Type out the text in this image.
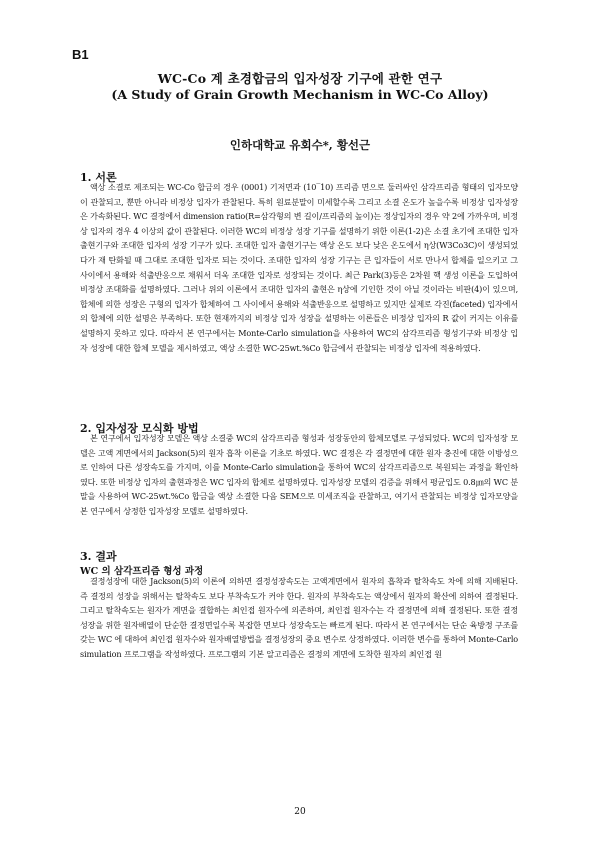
B1
WC-Co 계 초경합금의 입자성장 기구에 관한 연구
(A Study of Grain Growth Mechanism in WC-Co Alloy)
인하대학교 유회수*, 황선근
1. 서론

액상 소결로 제조되는 WC-Co 합금의 경우 (0001) 기저면과 (10‾10) 프리즘 면으로 둘러싸인 삼각프리즘 형태의 입자모양이 관찰되고, 뿐만 아니라 비정상 입자가 관찰된다. 특히 원료분말이 미세할수록 그리고 소결 온도가 높을수록 비정상 입자성장은 가속화된다. WC 결정에서 dimension ratio(R=삼각형의 변 길이/프리즘의 높이)는 정상입자의 경우 약 2에 가까우며, 비정상 입자의 경우 4 이상의 값이 관찰된다. 이러한 WC의 비정상 성장 기구를 설명하기 위한 이론(1-2)은 소결 초기에 조대한 입자 출현기구와 조대한 입자의 성장 기구가 있다. 조대한 입자 출현기구는 액상 온도 보다 낮은 온도에서 η상(W3Co3C)이 생성되었다가 재 탄화될 때 그대로 조대한 입자로 되는 것이다. 조대한 입자의 성장 기구는 큰 입자들이 서로 만나서 합체를 일으키고 그 사이에서 용해와 석출반응으로 채워서 더욱 조대한 입자로 성장되는 것이다. 최근 Park(3)등은 2차원 핵 생성 이론을 도입하여 비정상 조대화를 설명하였다. 그러나 위의 이론에서 조대한 입자의 출현은 η상에 기인한 것이 아닐 것이라는 비판(4)이 있으며, 합체에 의한 성장은 구형의 입자가 합체하여 그 사이에서 용해와 석출반응으로 설명하고 있지만 실제로 각진(faceted) 입자에서의 합체에 의한 설명은 부족하다. 또한 현재까지의 비정상 입자 성장을 설명하는 이론들은 비정상 입자의 R 값이 커지는 이유를 설명하지 못하고 있다. 따라서 본 연구에서는 Monte-Carlo simulation을 사용하여 WC의 삼각프리즘 형성기구와 비정상 입자 성장에 대한 합체 모델을 제시하였고, 액상 소결한 WC-25wt.%Co 합금에서 관찰되는 비정상 입자에 적용하였다.

2. 입자성장 모식화 방법

본 연구에서 입자성장 모델은 액상 소결중 WC의 삼각프리즘 형성과 성장동안의 합체모델로 구성되었다. WC의 입자성장 모델은 고액 계면에서의 Jackson(5)의 원자 흡착 이론을 기초로 하였다. WC 결정은 각 결정면에 대한 원자 충진에 대한 이방성으로 인하여 다른 성장속도를 가지며, 이를 Monte-Carlo simulation을 통하여 WC의 삼각프리즘으로 복원되는 과정을 확인하였다. 또한 비정상 입자의 출현과정은 WC 입자의 합체로 설명하였다. 입자성장 모델의 검증을 위해서 평균입도 0.8㎛의 WC 분말을 사용하여 WC-25wt.%Co 합금을 액상 소결한 다음 SEM으로 미세조직을 관찰하고, 여기서 관찰되는 비정상 입자모양을 본 연구에서 상정한 입자성장 모델로 설명하였다.

3. 결과
WC 의 삼각프리즘 형성 과정

결정성장에 대한 Jackson(5)의 이론에 의하면 결정성장속도는 고액계면에서 원자의 흡착과 탈착속도 차에 의해 지배된다. 즉 결정의 성장을 위해서는 탈착속도 보다 부착속도가 커야 한다. 원자의 부착속도는 액상에서 원자의 확산에 의하여 결정된다. 그리고 탈착속도는 원자가 계면을 결합하는 최인접 원자수에 의존하며, 최인접 원자수는 각 결정면에 의해 결정된다. 또한 결정성장을 위한 원자배열이 단순한 결정면일수록 복잡한 면보다 성장속도는 빠르게 된다. 따라서 본 연구에서는 단순 육방정 구조를 갖는 WC 에 대하여 최인접 원자수와 원자배열방법을 결정성장의 중요 변수로 상정하였다. 이러한 변수를 통하여 Monte-Carlo simulation 프로그램을 작성하였다. 프로그램의 기본 알고리즘은 결정의 계면에 도착한 원자의 최인접 원

20
